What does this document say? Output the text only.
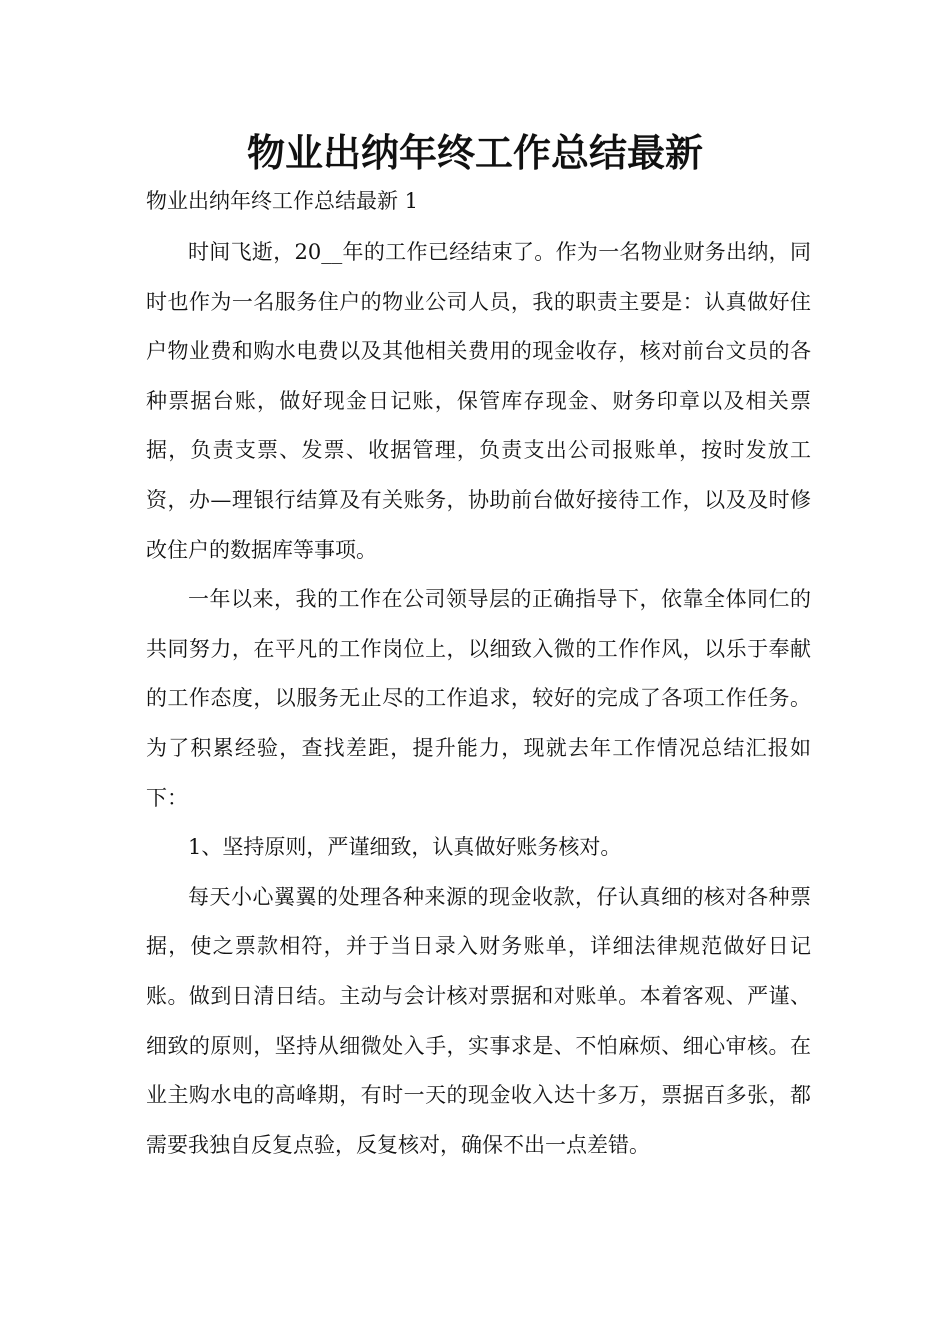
物业出纳年终工作总结最新

物业出纳年终工作总结最新 1

时间飞逝，20__年的工作已经结束了。作为一名物业财务出纳，同时也作为一名服务住户的物业公司人员，我的职责主要是：认真做好住户物业费和购水电费以及其他相关费用的现金收存，核对前台文员的各种票据台账，做好现金日记账，保管库存现金、财务印章以及相关票据，负责支票、发票、收据管理，负责支出公司报账单，按时发放工资，办—理银行结算及有关账务，协助前台做好接待工作，以及及时修改住户的数据库等事项。

一年以来，我的工作在公司领导层的正确指导下，依靠全体同仁的共同努力，在平凡的工作岗位上，以细致入微的工作作风，以乐于奉献的工作态度，以服务无止尽的工作追求，较好的完成了各项工作任务。为了积累经验，查找差距，提升能力，现就去年工作情况总结汇报如下：

1、坚持原则，严谨细致，认真做好账务核对。

每天小心翼翼的处理各种来源的现金收款，仔认真细的核对各种票据，使之票款相符，并于当日录入财务账单，详细法律规范做好日记账。做到日清日结。主动与会计核对票据和对账单。本着客观、严谨、细致的原则，坚持从细微处入手，实事求是、不怕麻烦、细心审核。在业主购水电的高峰期，有时一天的现金收入达十多万，票据百多张，都需要我独自反复点验，反复核对，确保不出一点差错。
